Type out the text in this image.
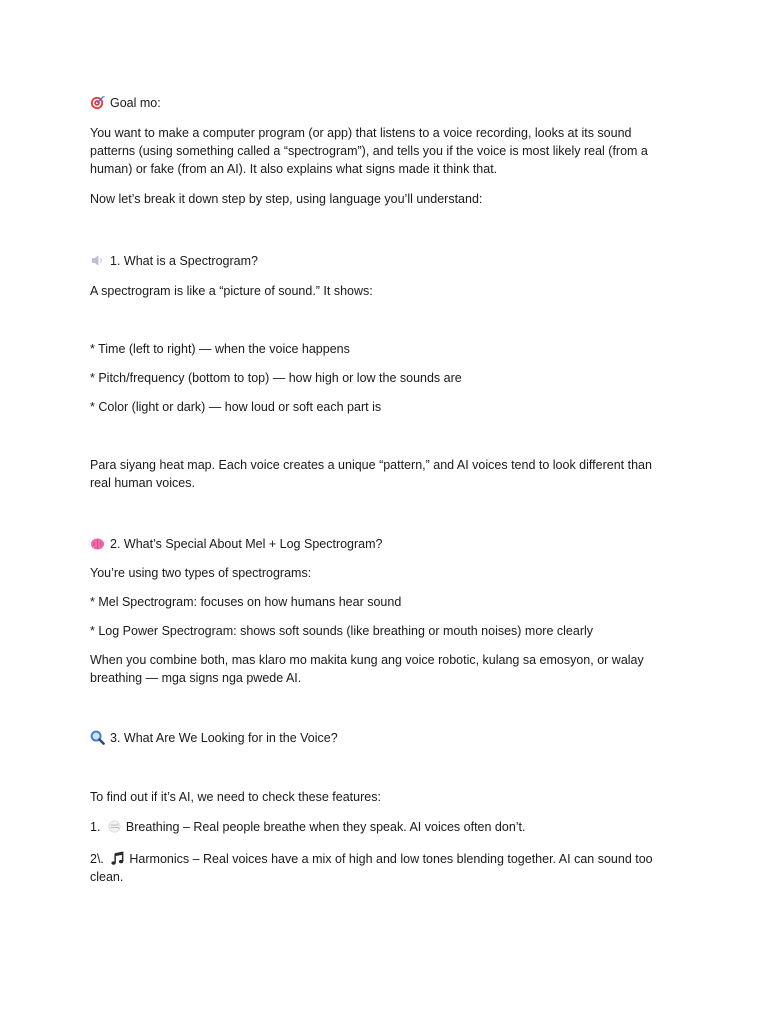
Goal mo:

You want to make a computer program (or app) that listens to a voice recording, looks at its sound patterns (using something called a “spectrogram”), and tells you if the voice is most likely real (from a human) or fake (from an AI). It also explains what signs made it think that.

Now let’s break it down step by step, using language you’ll understand:

1. What is a Spectrogram?

A spectrogram is like a “picture of sound.” It shows:

* Time (left to right) — when the voice happens

* Pitch/frequency (bottom to top) — how high or low the sounds are

* Color (light or dark) — how loud or soft each part is

Para siyang heat map. Each voice creates a unique “pattern,” and AI voices tend to look different than real human voices.

2. What’s Special About Mel + Log Spectrogram?

You’re using two types of spectrograms:

* Mel Spectrogram: focuses on how humans hear sound

* Log Power Spectrogram: shows soft sounds (like breathing or mouth noises) more clearly

When you combine both, mas klaro mo makita kung ang voice robotic, kulang sa emosyon, or walay breathing — mga signs nga pwede AI.

3. What Are We Looking for in the Voice?

To find out if it’s AI, we need to check these features:

1. Breathing – Real people breathe when they speak. AI voices often don’t.

2\. Harmonics – Real voices have a mix of high and low tones blending together. AI can sound too clean.
